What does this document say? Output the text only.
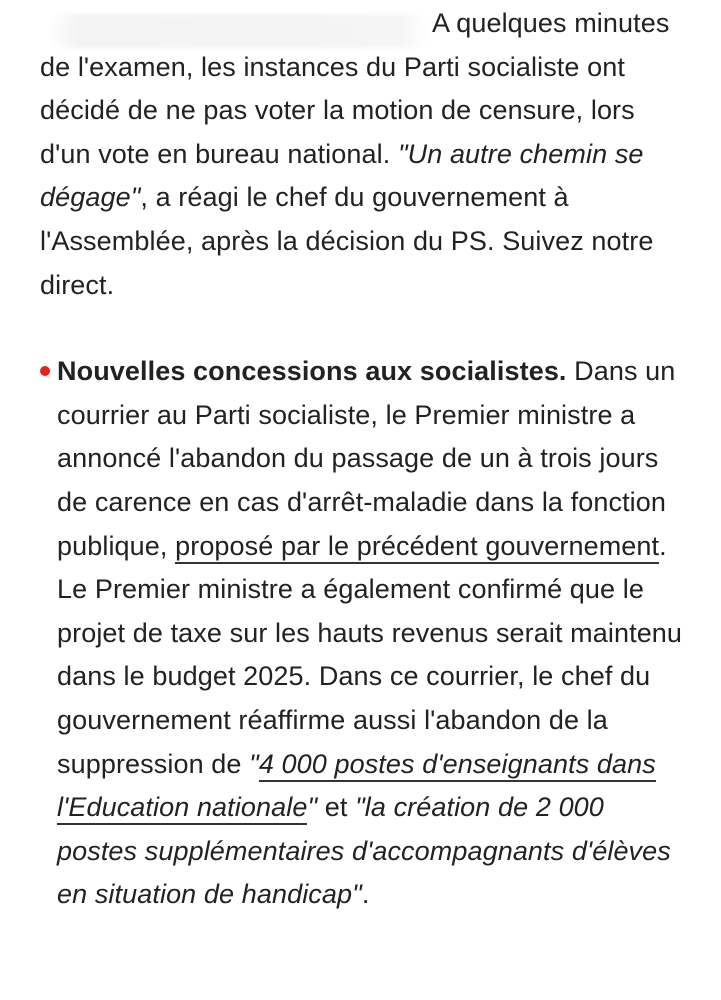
A quelques minutes de l'examen, les instances du Parti socialiste ont décidé de ne pas voter la motion de censure, lors d'un vote en bureau national. "Un autre chemin se dégage", a réagi le chef du gouvernement à l'Assemblée, après la décision du PS. Suivez notre direct.

Nouvelles concessions aux socialistes. Dans un courrier au Parti socialiste, le Premier ministre a annoncé l'abandon du passage de un à trois jours de carence en cas d'arrêt-maladie dans la fonction publique, proposé par le précédent gouvernement. Le Premier ministre a également confirmé que le projet de taxe sur les hauts revenus serait maintenu dans le budget 2025. Dans ce courrier, le chef du gouvernement réaffirme aussi l'abandon de la suppression de "4 000 postes d'enseignants dans l'Education nationale" et "la création de 2 000 postes supplémentaires d'accompagnants d'élèves en situation de handicap".
